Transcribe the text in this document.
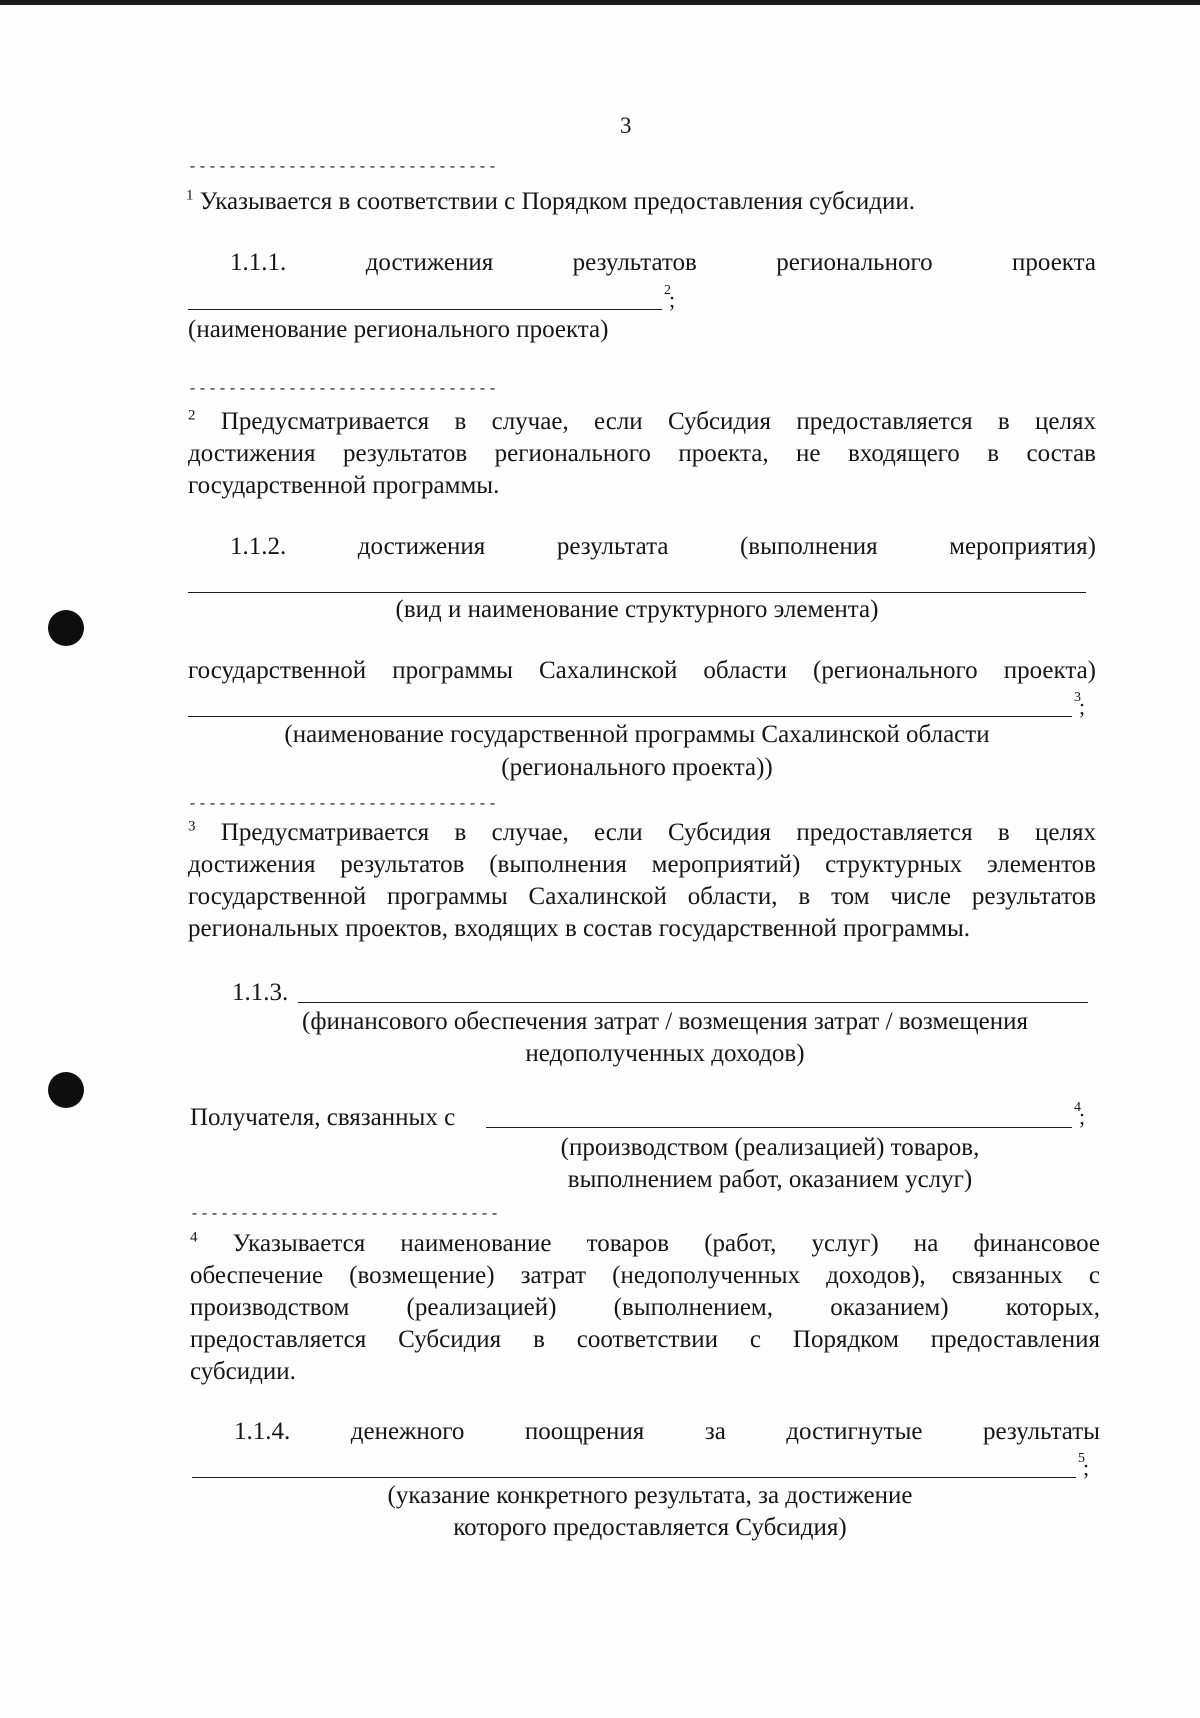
3
-------------------------------
$^1$ Указывается в соответствии с Порядком предоставления субсидии.
1.1.1.	достижения	результатов	регионального	проекта
2
;
(наименование регионального проекта)
-------------------------------
$^2$ Предусматривается в случае, если Субсидия предоставляется в целях
достижения результатов регионального проекта, не входящего в состав
государственной программы.
1.1.2.	достижения	результата	(выполнения	мероприятия)
(вид и наименование структурного элемента)
государственной программы Сахалинской области (регионального проекта)
3
;
(наименование государственной программы Сахалинской области
(регионального проекта))
-------------------------------
$^3$ Предусматривается в случае, если Субсидия предоставляется в целях
достижения результатов (выполнения мероприятий) структурных элементов
государственной программы Сахалинской области, в том числе результатов
региональных проектов, входящих в состав государственной программы.
1.1.3.
(финансового обеспечения затрат / возмещения затрат / возмещения
недополученных доходов)
Получателя, связанных с	4
;
(производством (реализацией) товаров,
выполнением работ, оказанием услуг)
-------------------------------
$^4$ Указывается наименование товаров (работ, услуг) на финансовое
обеспечение (возмещение) затрат (недополученных доходов), связанных с
производством (реализацией) (выполнением, оказанием) которых,
предоставляется Субсидия в соответствии с Порядком предоставления
субсидии.
1.1.4. денежного поощрения за достигнутые результаты
5
;
(указание конкретного результата, за достижение
которого предоставляется Субсидия)
